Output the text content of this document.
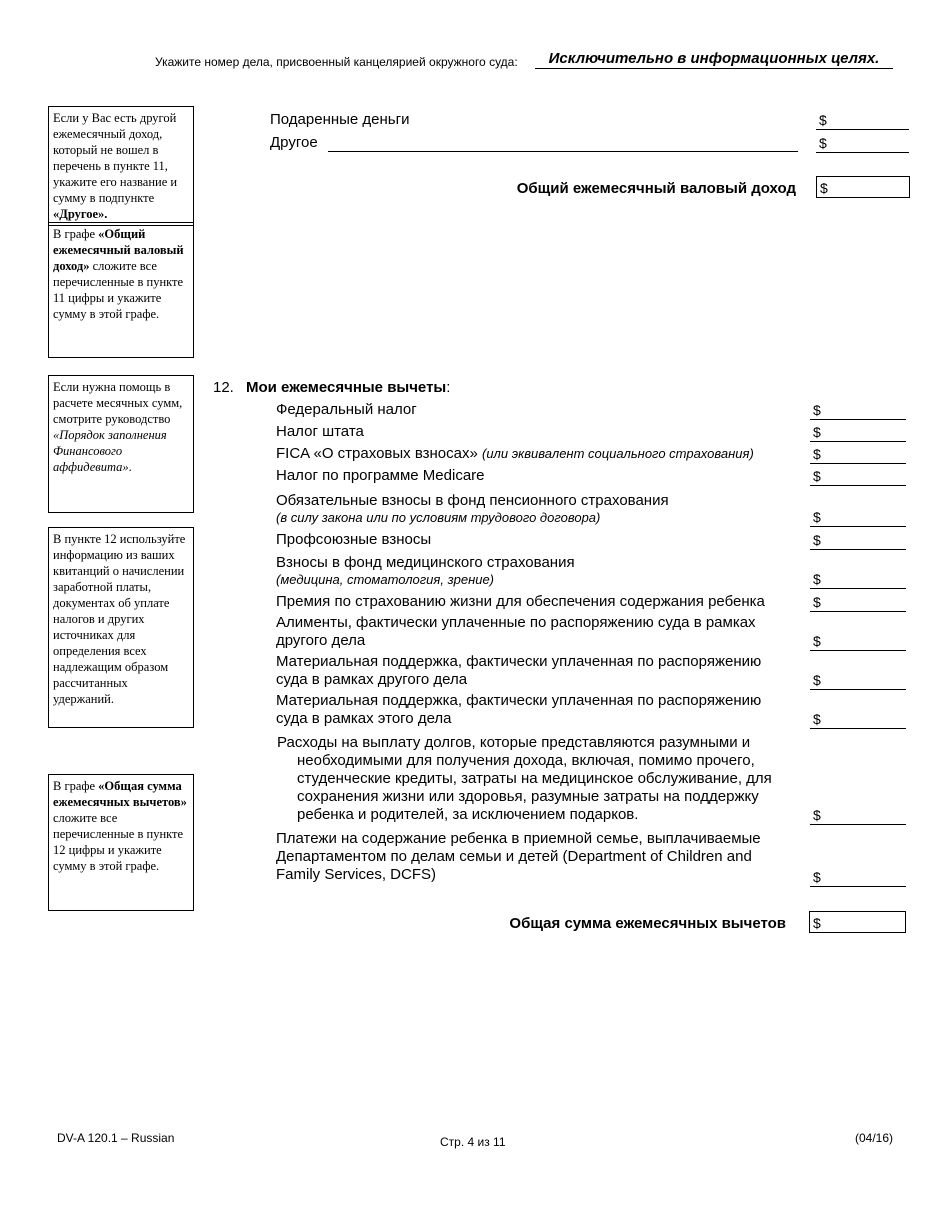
Укажите номер дела, присвоенный канцелярией окружного суда:	Исключительно в информационных целях.
Если у Вас есть другой ежемесячный доход, который не вошел в перечень в пункте 11, укажите его название и сумму в подпункте «Другое».
В графе «Общий ежемесячный валовый доход» сложите все перечисленные в пункте 11 цифры и укажите сумму в этой графе.
Если нужна помощь в расчете месячных сумм, смотрите руководство «Порядок заполнения Финансового аффидевита».
В пункте 12 используйте информацию из ваших квитанций о начислении заработной платы, документах об уплате налогов и других источниках для определения всех надлежащим образом рассчитанных удержаний.
В графе «Общая сумма ежемесячных вычетов» сложите все перечисленные в пункте 12 цифры и укажите сумму в этой графе.
Подаренные деньги	$
Другое	$
Общий ежемесячный валовый доход $
12. Мои ежемесячные вычеты:
Федеральный налог	$
Налог штата	$
FICA «О страховых взносах» (или эквивалент социального страхования)	$
Налог по программе Medicare	$
Обязательные взносы в фонд пенсионного страхования
(в силу закона или по условиям трудового договора)	$
Профсоюзные взносы	$
Взносы в фонд медицинского страхования
(медицина, стоматология, зрение)	$
Премия по страхованию жизни для обеспечения содержания ребенка	$
Алименты, фактически уплаченные по распоряжению суда в рамках другого дела	$
Материальная поддержка, фактически уплаченная по распоряжению суда в рамках другого дела	$
Материальная поддержка, фактически уплаченная по распоряжению суда в рамках этого дела	$
Расходы на выплату долгов, которые представляются разумными и
необходимыми для получения дохода, включая, помимо прочего, студенческие кредиты, затраты на медицинское обслуживание, для сохранения жизни или здоровья, разумные затраты на поддержку ребенка и родителей, за исключением подарков.	$
Платежи на содержание ребенка в приемной семье, выплачиваемые Департаментом по делам семьи и детей (Department of Children and Family Services, DCFS)	$
Общая сумма ежемесячных вычетов $
DV-A 120.1 – Russian	Стр. 4 из 11	(04/16)
